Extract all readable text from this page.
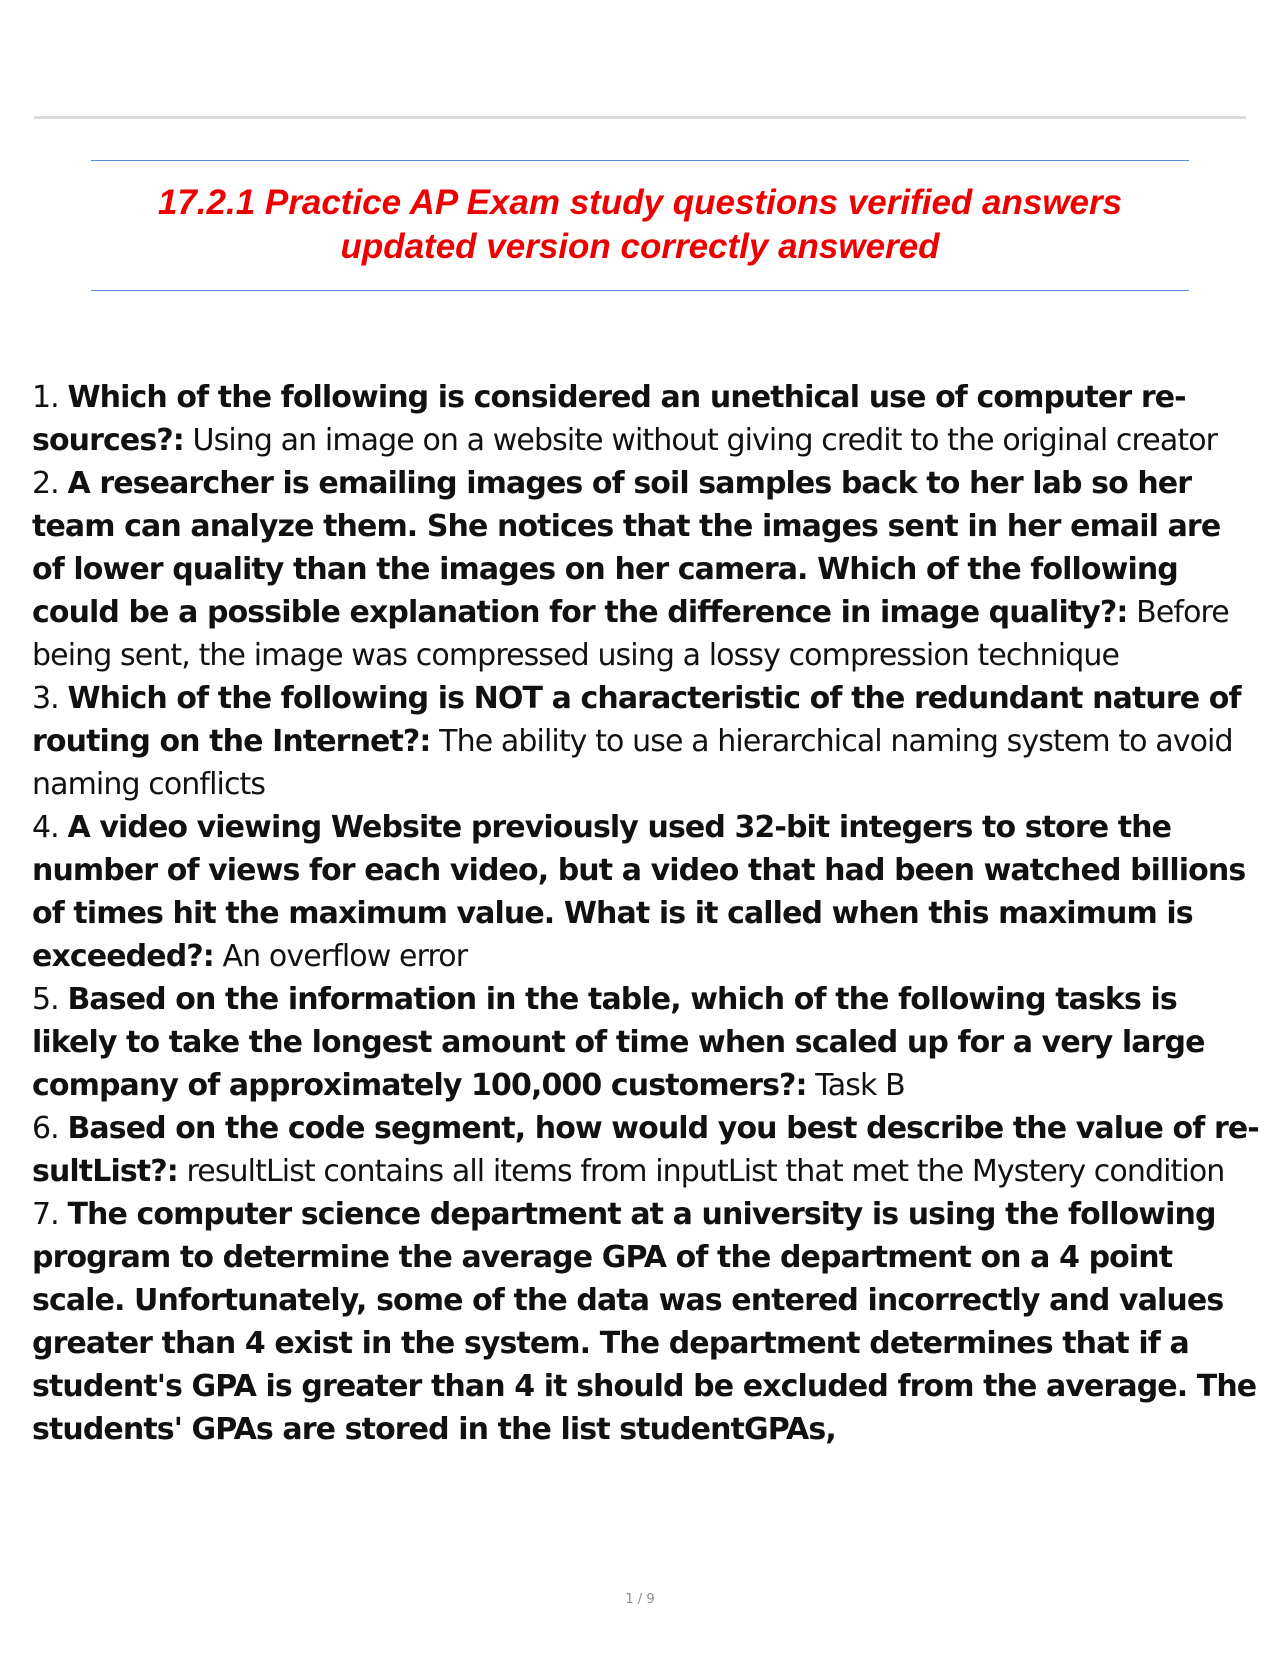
17.2.1 Practice AP Exam study questions verified answers updated version correctly answered
1. Which of the following is considered an unethical use of computer re- sources?: Using an image on a website without giving credit to the original creator
2. A researcher is emailing images of soil samples back to her lab so her team can analyze them. She notices that the images sent in her email are of lower quality than the images on her camera. Which of the following could be a possible explanation for the difference in image quality?: Before being sent, the image was compressed using a lossy compression technique
3. Which of the following is NOT a characteristic of the redundant nature of routing on the Internet?: The ability to use a hierarchical naming system to avoid naming conflicts
4. A video viewing Website previously used 32-bit integers to store the number of views for each video, but a video that had been watched billions of times hit the maximum value. What is it called when this maximum is exceeded?: An overflow error
5. Based on the information in the table, which of the following tasks is likely to take the longest amount of time when scaled up for a very large company of approximately 100,000 customers?: Task B
6. Based on the code segment, how would you best describe the value of re- sultList?: resultList contains all items from inputList that met the Mystery condition
7. The computer science department at a university is using the following program to determine the average GPA of the department on a 4 point scale. Unfortunately, some of the data was entered incorrectly and values greater than 4 exist in the system. The department determines that if a student's GPA is greater than 4 it should be excluded from the average. The students' GPAs are stored in the list studentGPAs,
1 / 9
